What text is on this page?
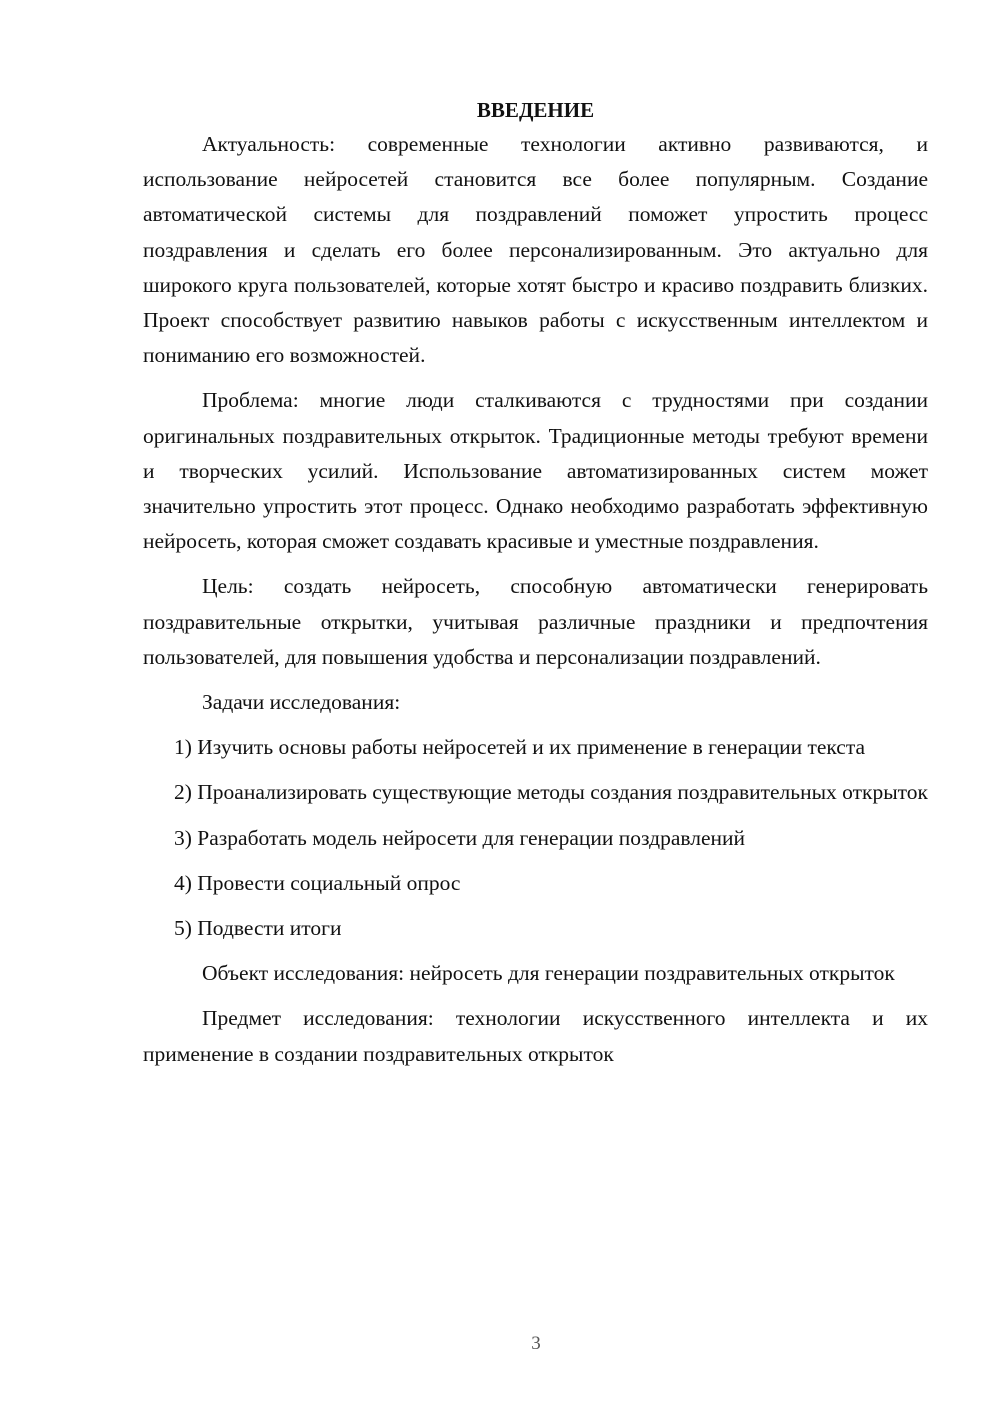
ВВЕДЕНИЕ

Актуальность: современные технологии активно развиваются, и использование нейросетей становится все более популярным. Создание автоматической системы для поздравлений поможет упростить процесс поздравления и сделать его более персонализированным. Это актуально для широкого круга пользователей, которые хотят быстро и красиво поздравить близких. Проект способствует развитию навыков работы с искусственным интеллектом и пониманию его возможностей.

Проблема: многие люди сталкиваются с трудностями при создании оригинальных поздравительных открыток. Традиционные методы требуют времени и творческих усилий. Использование автоматизированных систем может значительно упростить этот процесс. Однако необходимо разработать эффективную нейросеть, которая сможет создавать красивые и уместные поздравления.

Цель: создать нейросеть, способную автоматически генерировать поздравительные открытки, учитывая различные праздники и предпочтения пользователей, для повышения удобства и персонализации поздравлений.

Задачи исследования:

1) Изучить основы работы нейросетей и их применение в генерации текста

2) Проанализировать существующие методы создания поздравительных открыток

3) Разработать модель нейросети для генерации поздравлений

4) Провести социальный опрос

5) Подвести итоги

Объект исследования: нейросеть для генерации поздравительных открыток

Предмет исследования: технологии искусственного интеллекта и их применение в создании поздравительных открыток

3
